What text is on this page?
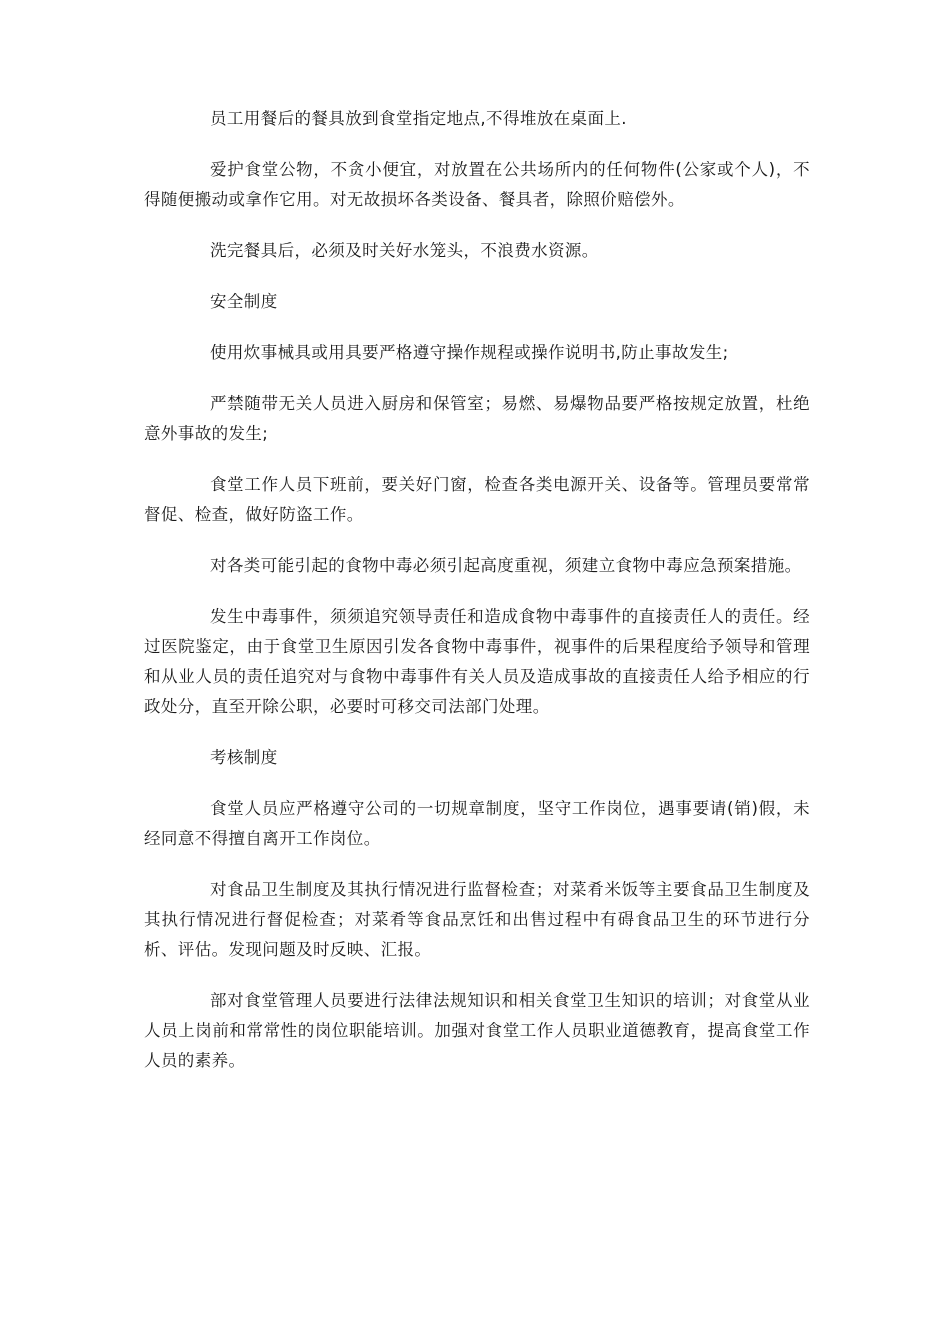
员工用餐后的餐具放到食堂指定地点,不得堆放在桌面上.

爱护食堂公物，不贪小便宜，对放置在公共场所内的任何物件(公家或个人)，不得随便搬动或拿作它用。对无故损坏各类设备、餐具者，除照价赔偿外。

洗完餐具后，必须及时关好水笼头，不浪费水资源。

安全制度

使用炊事械具或用具要严格遵守操作规程或操作说明书,防止事故发生;

严禁随带无关人员进入厨房和保管室；易燃、易爆物品要严格按规定放置，杜绝意外事故的发生;

食堂工作人员下班前，要关好门窗，检查各类电源开关、设备等。管理员要常常督促、检查，做好防盗工作。

对各类可能引起的食物中毒必须引起高度重视，须建立食物中毒应急预案措施。

发生中毒事件，须须追究领导责任和造成食物中毒事件的直接责任人的责任。经过医院鉴定，由于食堂卫生原因引发各食物中毒事件，视事件的后果程度给予领导和管理和从业人员的责任追究对与食物中毒事件有关人员及造成事故的直接责任人给予相应的行政处分，直至开除公职，必要时可移交司法部门处理。

考核制度

食堂人员应严格遵守公司的一切规章制度，坚守工作岗位，遇事要请(销)假，未经同意不得擅自离开工作岗位。

对食品卫生制度及其执行情况进行监督检查；对菜肴米饭等主要食品卫生制度及其执行情况进行督促检查；对菜肴等食品烹饪和出售过程中有碍食品卫生的环节进行分析、评估。发现问题及时反映、汇报。

部对食堂管理人员要进行法律法规知识和相关食堂卫生知识的培训；对食堂从业人员上岗前和常常性的岗位职能培训。加强对食堂工作人员职业道德教育，提高食堂工作人员的素养。
